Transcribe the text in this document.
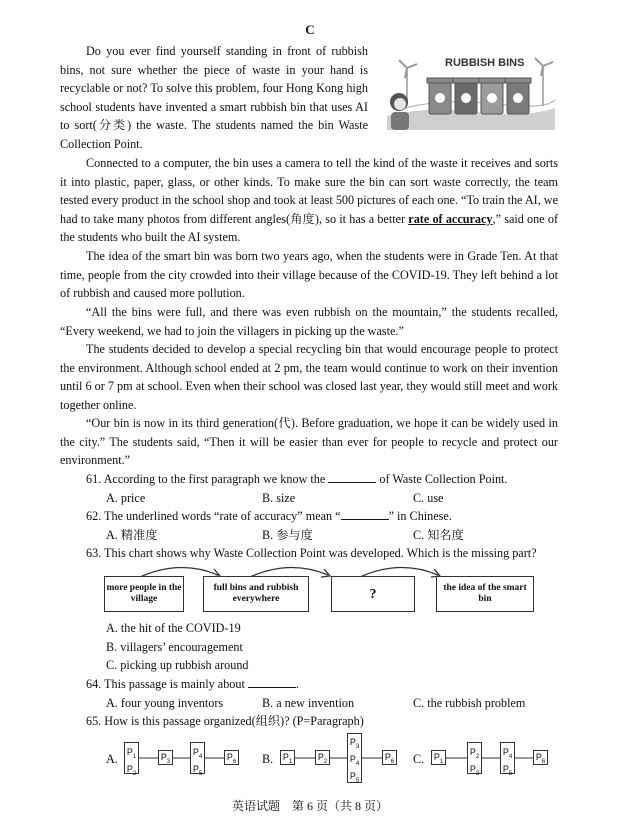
C
RUBBISH BINS

Do you ever find yourself standing in front of rubbish bins, not sure whether the piece of waste in your hand is recyclable or not? To solve this problem, four Hong Kong high school students have invented a smart rubbish bin that uses AI to sort(分类) the waste. The students named the bin Waste Collection Point.

Connected to a computer, the bin uses a camera to tell the kind of the waste it receives and sorts it into plastic, paper, glass, or other kinds. To make sure the bin can sort waste correctly, the team tested every product in the school shop and took at least 500 pictures of each one. “To train the AI, we had to take many photos from different angles(角度), so it has a better rate of accuracy,” said one of the students who built the AI system.

The idea of the smart bin was born two years ago, when the students were in Grade Ten. At that time, people from the city crowded into their village because of the COVID-19. They left behind a lot of rubbish and caused more pollution.

“All the bins were full, and there was even rubbish on the mountain,” the students recalled, “Every weekend, we had to join the villagers in picking up the waste.”

The students decided to develop a special recycling bin that would encourage people to protect the environment. Although school ended at 2 pm, the team would continue to work on their invention until 6 or 7 pm at school. Even when their school was closed last year, they would still meet and work together online.

“Our bin is now in its third generation(代). Before graduation, we hope it can be widely used in the city.” The students said, “Then it will be easier than ever for people to recycle and protect our environment.”

61. According to the first paragraph we know the	of Waste Collection Point.
A. price	B. size	C. use
62. The underlined words “rate of accuracy” mean “	” in Chinese.
A. 精准度	B. 参与度	C. 知名度
63. This chart shows why Waste Collection Point was developed. Which is the missing part?
more people in the village
full bins and rubbish everywhere	?	the idea of the smart bin
A. the hit of the COVID-19
B. villagers’ encouragement
C. picking up rubbish around
64. This passage is mainly about	.
A. four young inventors	B. a new invention	C. the rubbish problem
65. How is this passage organized(组织)? (P=Paragraph)
A. $P_1$
$P_2$
$P_3$
$P_4$
$P_5$
$P_6$ B.	$P_1$	$P_2$
$P_3$
$P_4$
$P_5$
$P_6$ C.	$P_1$
$P_2$
$P_3$
$P_4$
$P_5$
$P_6$
英语试题　第 6 页（共 8 页）
